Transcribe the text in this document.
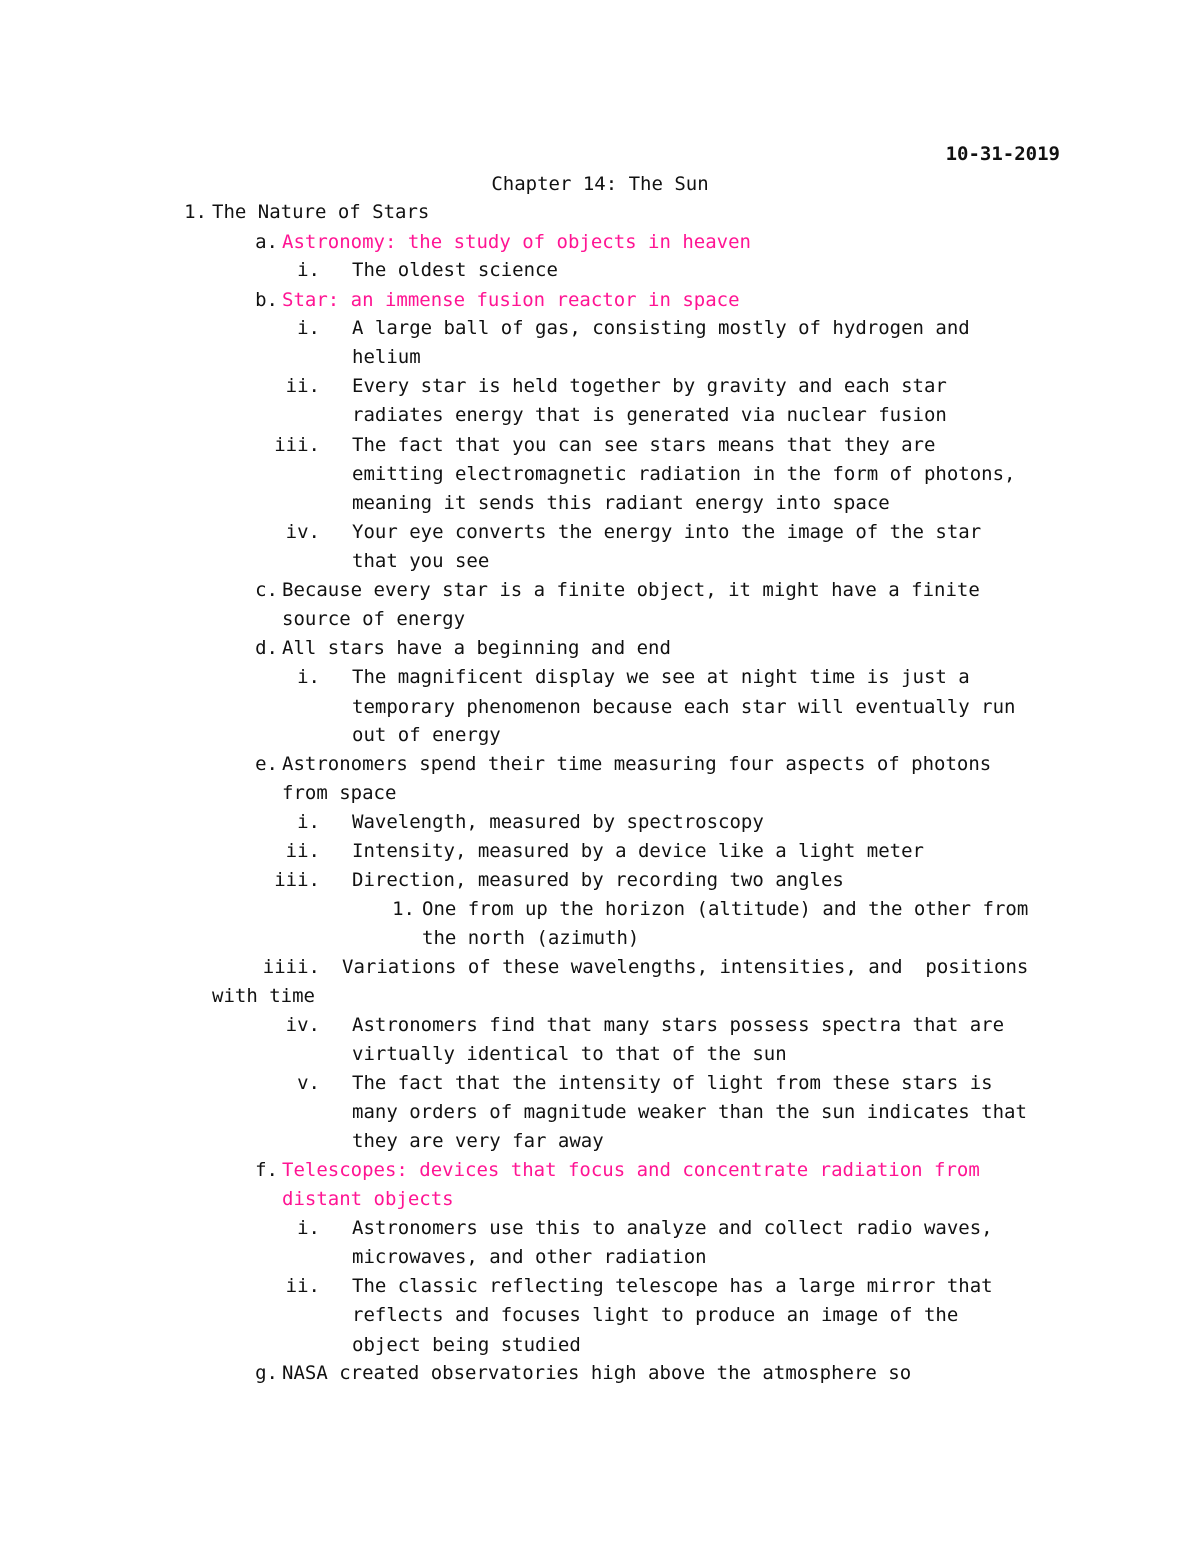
10-31-2019
Chapter 14: The Sun
1. The Nature of Stars
a. Astronomy: the study of objects in heaven
i. The oldest science
b. Star: an immense fusion reactor in space
i. A large ball of gas, consisting mostly of hydrogen and
helium
ii. Every star is held together by gravity and each star
radiates energy that is generated via nuclear fusion
iii. The fact that you can see stars means that they are
emitting electromagnetic radiation in the form of photons,
meaning it sends this radiant energy into space
iv. Your eye converts the energy into the image of the star
that you see
c. Because every star is a finite object, it might have a finite
source of energy
d. All stars have a beginning and end
i. The magnificent display we see at night time is just a
temporary phenomenon because each star will eventually run
out of energy
e. Astronomers spend their time measuring four aspects of photons
from space
i. Wavelength, measured by spectroscopy
ii. Intensity, measured by a device like a light meter
iii. Direction, measured by recording two angles
1. One from up the horizon (altitude) and the other from
the north (azimuth)
iiii. Variations of these wavelengths, intensities, and  positions
with time
iv. Astronomers find that many stars possess spectra that are
virtually identical to that of the sun
v. The fact that the intensity of light from these stars is
many orders of magnitude weaker than the sun indicates that
they are very far away
f. Telescopes: devices that focus and concentrate radiation from
distant objects
i. Astronomers use this to analyze and collect radio waves,
microwaves, and other radiation
ii. The classic reflecting telescope has a large mirror that
reflects and focuses light to produce an image of the
object being studied
g. NASA created observatories high above the atmosphere so
